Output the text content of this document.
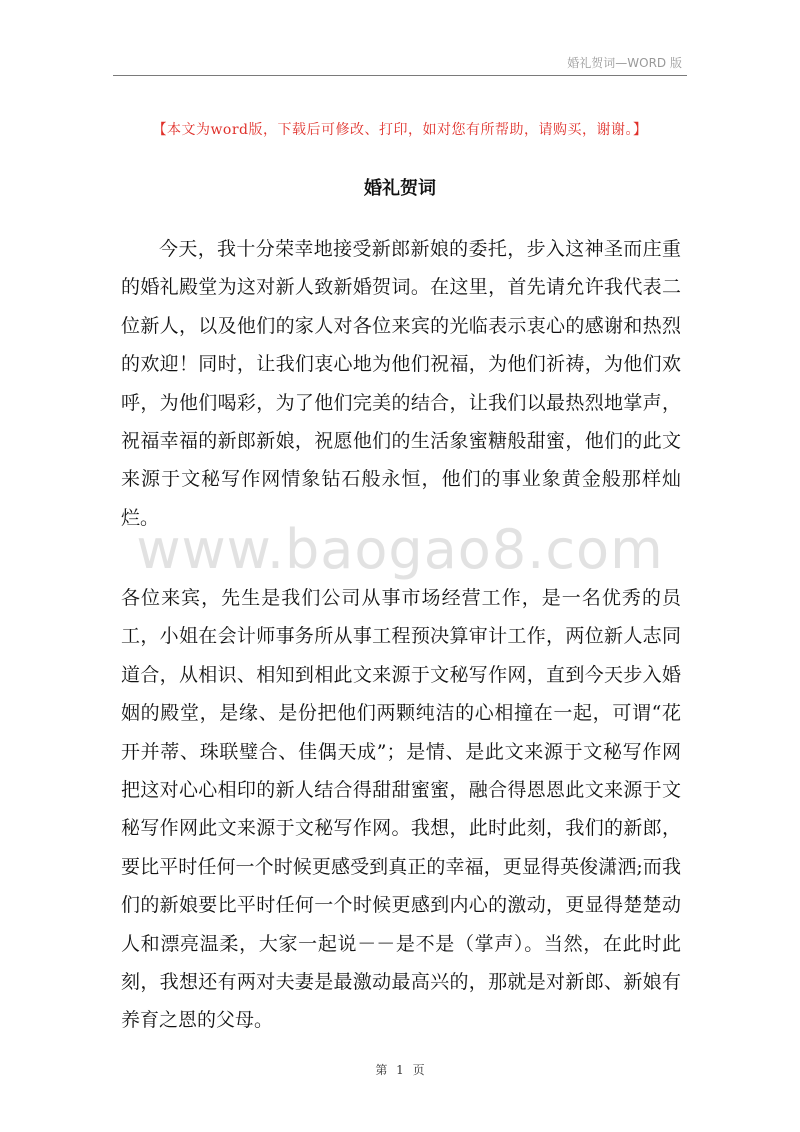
婚礼贺词—WORD 版
【本文为word版，下载后可修改、打印，如对您有所帮助，请购买，谢谢。】
婚礼贺词

今天，我十分荣幸地接受新郎新娘的委托，步入这神圣而庄重的婚礼殿堂为这对新人致新婚贺词。在这里，首先请允许我代表二位新人，以及他们的家人对各位来宾的光临表示衷心的感谢和热烈的欢迎！同时，让我们衷心地为他们祝福，为他们祈祷，为他们欢呼，为他们喝彩，为了他们完美的结合，让我们以最热烈地掌声，祝福幸福的新郎新娘，祝愿他们的生活象蜜糖般甜蜜，他们的此文来源于文秘写作网情象钻石般永恒，他们的事业象黄金般那样灿烂。

www.baogao8.com

各位来宾，先生是我们公司从事市场经营工作，是一名优秀的员工，小姐在会计师事务所从事工程预决算审计工作，两位新人志同道合，从相识、相知到相此文来源于文秘写作网，直到今天步入婚姻的殿堂，是缘、是份把他们两颗纯洁的心相撞在一起，可谓“花开并蒂、珠联璧合、佳偶天成”；是情、是此文来源于文秘写作网把这对心心相印的新人结合得甜甜蜜蜜，融合得恩恩此文来源于文秘写作网此文来源于文秘写作网。我想，此时此刻，我们的新郎，要比平时任何一个时候更感受到真正的幸福，更显得英俊潇洒;而我们的新娘要比平时任何一个时候更感到内心的激动，更显得楚楚动人和漂亮温柔，大家一起说－－是不是（掌声）。当然，在此时此刻，我想还有两对夫妻是最激动最高兴的，那就是对新郎、新娘有养育之恩的父母。

第 1 页
